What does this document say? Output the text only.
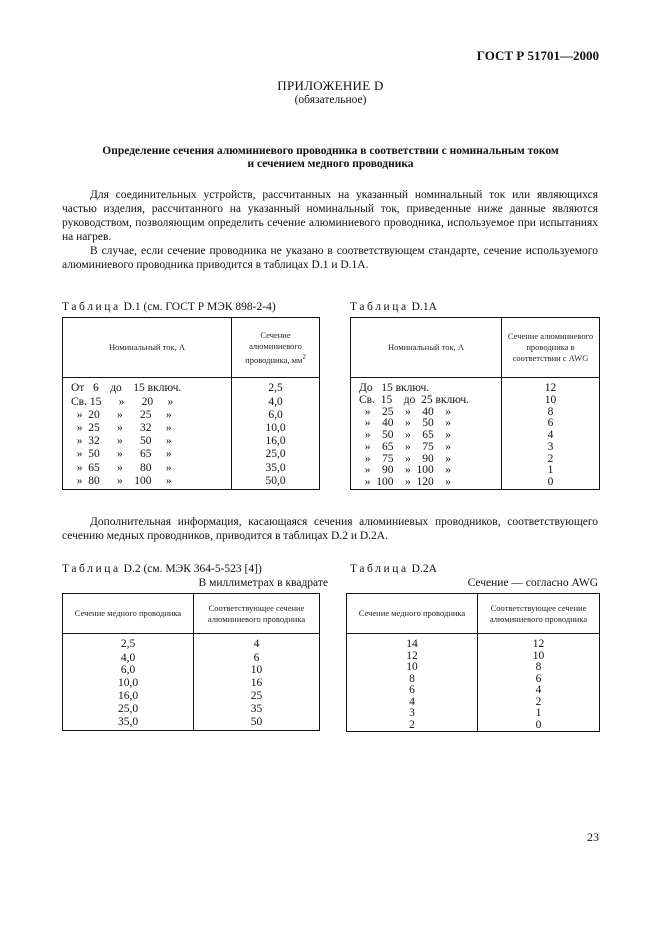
ГОСТ Р 51701—2000
ПРИЛОЖЕНИЕ D
(обязательное)
Определение сечения алюминиевого проводника в соответствии с номинальным током
и сечением медного проводника

Для соединительных устройств, рассчитанных на указанный номинальный ток или являющихся частью изделия, рассчитанного на указанный номинальный ток, приведенные ниже данные являются руководством, позволяющим определить сечение алюминиевого проводника, используемое при испытаниях на нагрев.

В случае, если сечение проводника не указано в соответствующем стандарте, сечение используемого алюминиевого проводника приводится в таблицах D.1 и D.1A.

Таблица D.1 (см. ГОСТ Р МЭК 898-2-4)	Таблица D.1A
Номинальный ток, А	Сечение алюминиевого проводника, $мм^2$
От   6    до    15 включ.	2,5
Св. 15      »      20     »	4,0
»  20      »      25     »	6,0
»  25      »      32     »	10,0
»  32      »      50     »	16,0
»  50      »      65     »	25,0
»  65      »      80     »	35,0
»  80      »    100     »	50,0

Номинальный ток, А	Сечение алюминиевого проводника в соответствии с AWG
До   15 включ.	12
Св.  15    до  25 включ.	10
»    25    »    40    »	8
»    40    »    50    »	6
»    50    »    65    »	4
»    65    »    75    »	3
»    75    »    90    »	2
»    90    »  100    »	1
»  100    »  120    »	0

Дополнительная информация, касающаяся сечения алюминиевых проводников, соответствующего сечению медных проводников, приводится в таблицах D.2 и D.2A.

Таблица D.2 (см. МЭК 364-5-523 [4])
В миллиметрах в квадрате
Таблица D.2A
Сечение — согласно AWG
Сечение медного проводника	Соответствующее сечение алюминиевого проводника
2,5	4
4,0	6
6,0	10
10,0	16
16,0	25
25,0	35
35,0	50

Сечение медного проводника	Соответствующее сечение алюминиевого проводника
14	12
12	10
10	8
8	6
6	4
4	2
3	1
2	0

23
